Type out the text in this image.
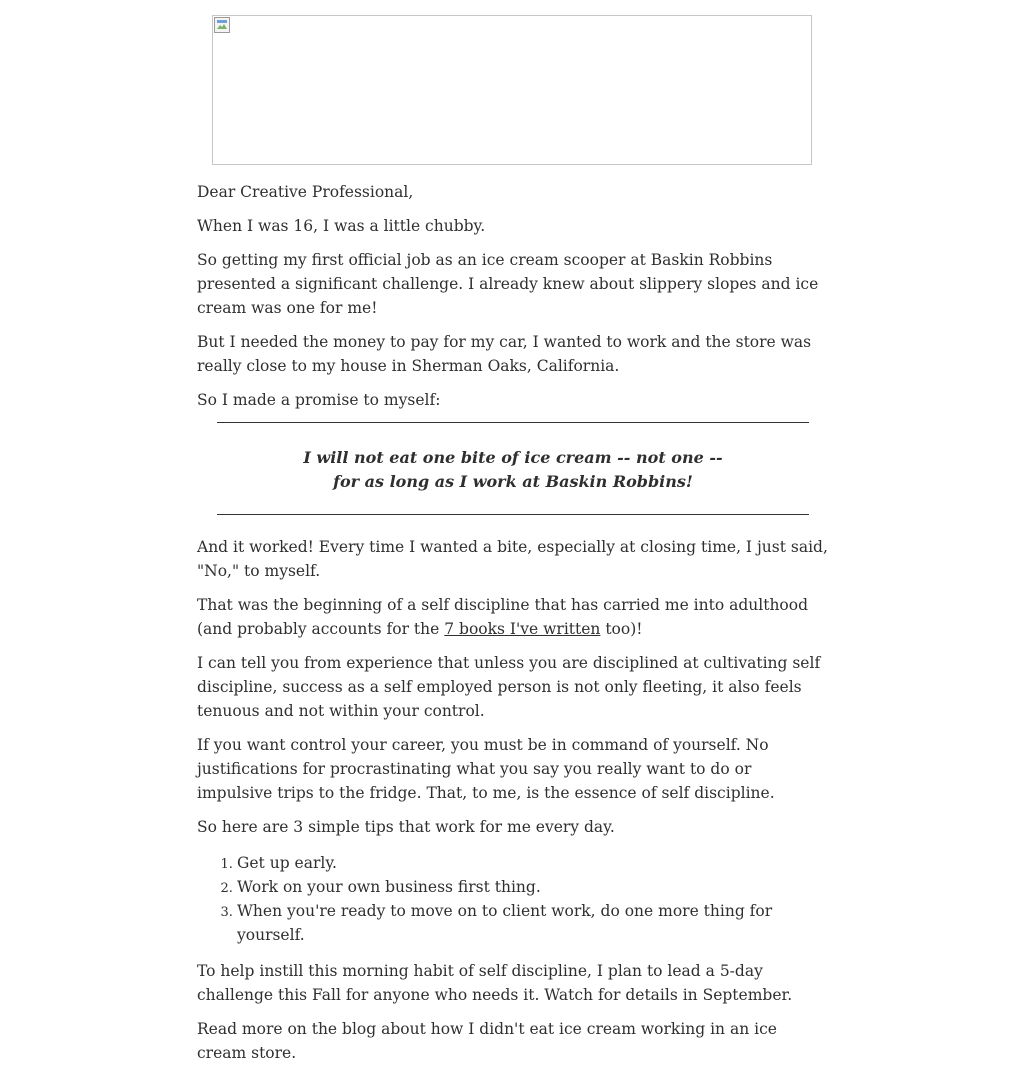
Dear Creative Professional,

When I was 16, I was a little chubby.

So getting my first official job as an ice cream scooper at Baskin Robbins presented a significant challenge. I already knew about slippery slopes and ice cream was one for me!

But I needed the money to pay for my car, I wanted to work and the store was really close to my house in Sherman Oaks, California.

So I made a promise to myself:

I will not eat one bite of ice cream -- not one --
for as long as I work at Baskin Robbins!

And it worked! Every time I wanted a bite, especially at closing time, I just said, "No," to myself.

That was the beginning of a self discipline that has carried me into adulthood (and probably accounts for the 7 books I've written too)!

I can tell you from experience that unless you are disciplined at cultivating self discipline, success as a self employed person is not only fleeting, it also feels tenuous and not within your control.

If you want control your career, you must be in command of yourself. No justifications for procrastinating what you say you really want to do or impulsive trips to the fridge. That, to me, is the essence of self discipline.

So here are 3 simple tips that work for me every day.

1. Get up early.
2. Work on your own business first thing.
3. When you're ready to move on to client work, do one more thing for yourself.

To help instill this morning habit of self discipline, I plan to lead a 5-day challenge this Fall for anyone who needs it. Watch for details in September.

Read more on the blog about how I didn't eat ice cream working in an ice cream store.
